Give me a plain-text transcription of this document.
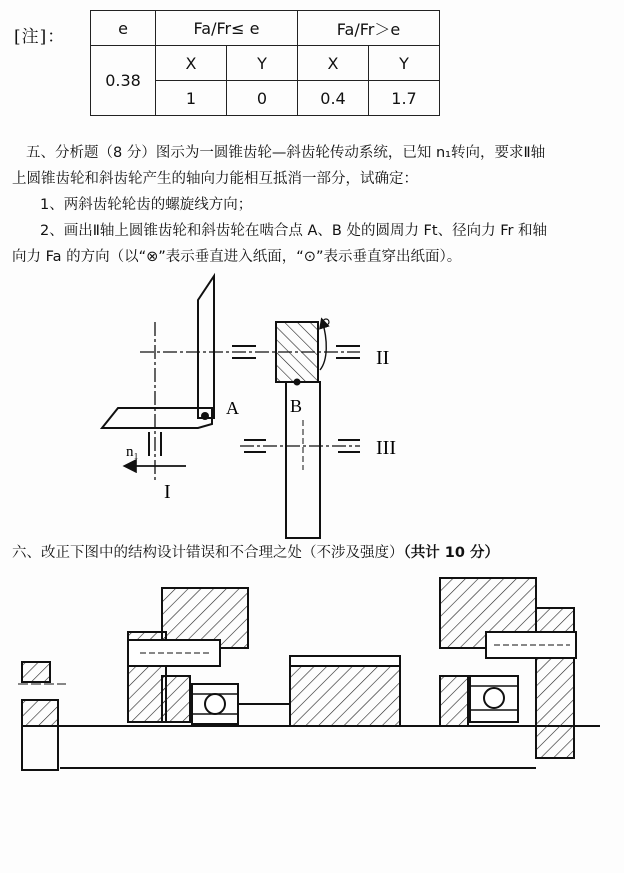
[注]：	e	Fa/Fr≤ e		Fa/Fr＞e	
0.38	X	Y	X	Y
	1	0	0.4	1.7
五、分析题（8 分）图示为一圆锥齿轮—斜齿轮传动系统，已知 n₁转向，要求Ⅱ轴
上圆锥齿轮和斜齿轮产生的轴向力能相互抵消一部分，试确定：
1、两斜齿轮轮齿的螺旋线方向；
2、画出Ⅱ轴上圆锥齿轮和斜齿轮在啮合点 A、B 处的圆周力 Ft、径向力 Fr 和轴
向力 Fa 的方向（以“⊗”表示垂直进入纸面，“⊙”表示垂直穿出纸面）。
A	B
II
III
I
n₁
六、改正下图中的结构设计错误和不合理之处（不涉及强度）（共计 10 分）
